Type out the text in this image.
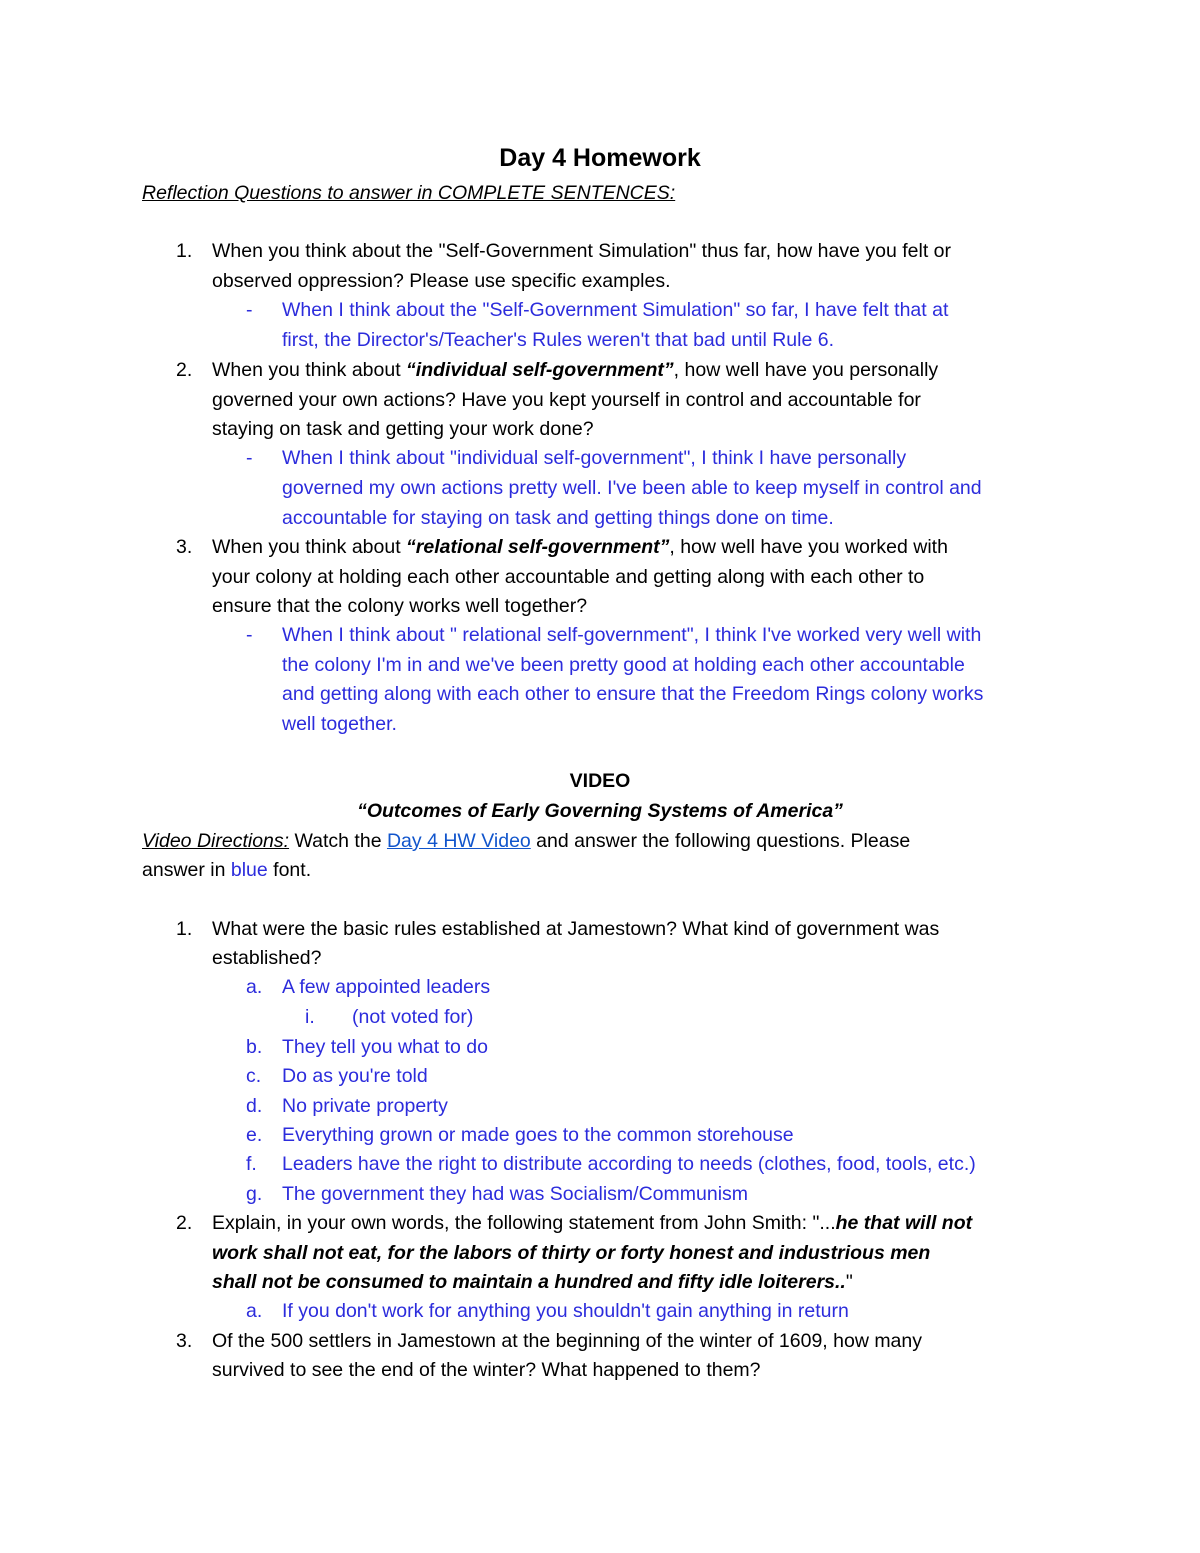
Day 4 Homework
Reflection Questions to answer in COMPLETE SENTENCES:
1. When you think about the "Self-Government Simulation" thus far, how have you felt or
observed oppression? Please use specific examples.
- When I think about the "Self-Government Simulation" so far, I have felt that at
first, the Director's/Teacher's Rules weren't that bad until Rule 6.
2. When you think about “individual self-government”, how well have you personally
governed your own actions? Have you kept yourself in control and accountable for
staying on task and getting your work done?
- When I think about "individual self-government", I think I have personally
governed my own actions pretty well. I've been able to keep myself in control and
accountable for staying on task and getting things done on time.
3. When you think about “relational self-government”, how well have you worked with
your colony at holding each other accountable and getting along with each other to
ensure that the colony works well together?
- When I think about " relational self-government", I think I've worked very well with
the colony I'm in and we've been pretty good at holding each other accountable
and getting along with each other to ensure that the Freedom Rings colony works
well together.
VIDEO
“Outcomes of Early Governing Systems of America”
Video Directions: Watch the Day 4 HW Video and answer the following questions. Please
answer in blue font.
1. What were the basic rules established at Jamestown? What kind of government was
established?
a. A few appointed leaders
i. (not voted for)
b. They tell you what to do
c. Do as you're told
d. No private property
e. Everything grown or made goes to the common storehouse
f. Leaders have the right to distribute according to needs (clothes, food, tools, etc.)
g. The government they had was Socialism/Communism
2. Explain, in your own words, the following statement from John Smith: "...he that will not
work shall not eat, for the labors of thirty or forty honest and industrious men
shall not be consumed to maintain a hundred and fifty idle loiterers.."
a. If you don't work for anything you shouldn't gain anything in return
3. Of the 500 settlers in Jamestown at the beginning of the winter of 1609, how many
survived to see the end of the winter? What happened to them?
